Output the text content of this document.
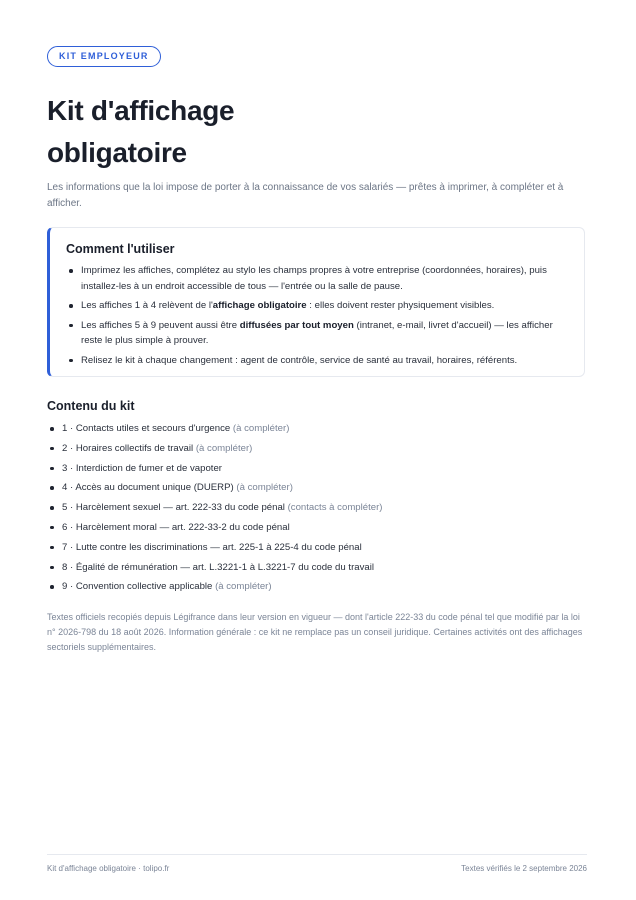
KIT EMPLOYEUR
Kit d'affichage obligatoire

Les informations que la loi impose de porter à la connaissance de vos salariés — prêtes à imprimer, à compléter et à afficher.

Comment l'utiliser
Imprimez les affiches, complétez au stylo les champs propres à votre entreprise (coordonnées, horaires), puis installez-les à un endroit accessible de tous — l'entrée ou la salle de pause.
Les affiches 1 à 4 relèvent de l'affichage obligatoire : elles doivent rester physiquement visibles.
Les affiches 5 à 9 peuvent aussi être diffusées par tout moyen (intranet, e-mail, livret d'accueil) — les afficher reste le plus simple à prouver.
Relisez le kit à chaque changement : agent de contrôle, service de santé au travail, horaires, référents.
Contenu du kit
1 · Contacts utiles et secours d'urgence (à compléter)
2 · Horaires collectifs de travail (à compléter)
3 · Interdiction de fumer et de vapoter
4 · Accès au document unique (DUERP) (à compléter)
5 · Harcèlement sexuel — art. 222-33 du code pénal (contacts à compléter)
6 · Harcèlement moral — art. 222-33-2 du code pénal
7 · Lutte contre les discriminations — art. 225-1 à 225-4 du code pénal
8 · Égalité de rémunération — art. L.3221-1 à L.3221-7 du code du travail
9 · Convention collective applicable (à compléter)

Textes officiels recopiés depuis Légifrance dans leur version en vigueur — dont l'article 222-33 du code pénal tel que modifié par la loi n° 2026-798 du 18 août 2026. Information générale : ce kit ne remplace pas un conseil juridique. Certaines activités ont des affichages sectoriels supplémentaires.

Kit d'affichage obligatoire · tolipo.fr	Textes vérifiés le 2 septembre 2026
